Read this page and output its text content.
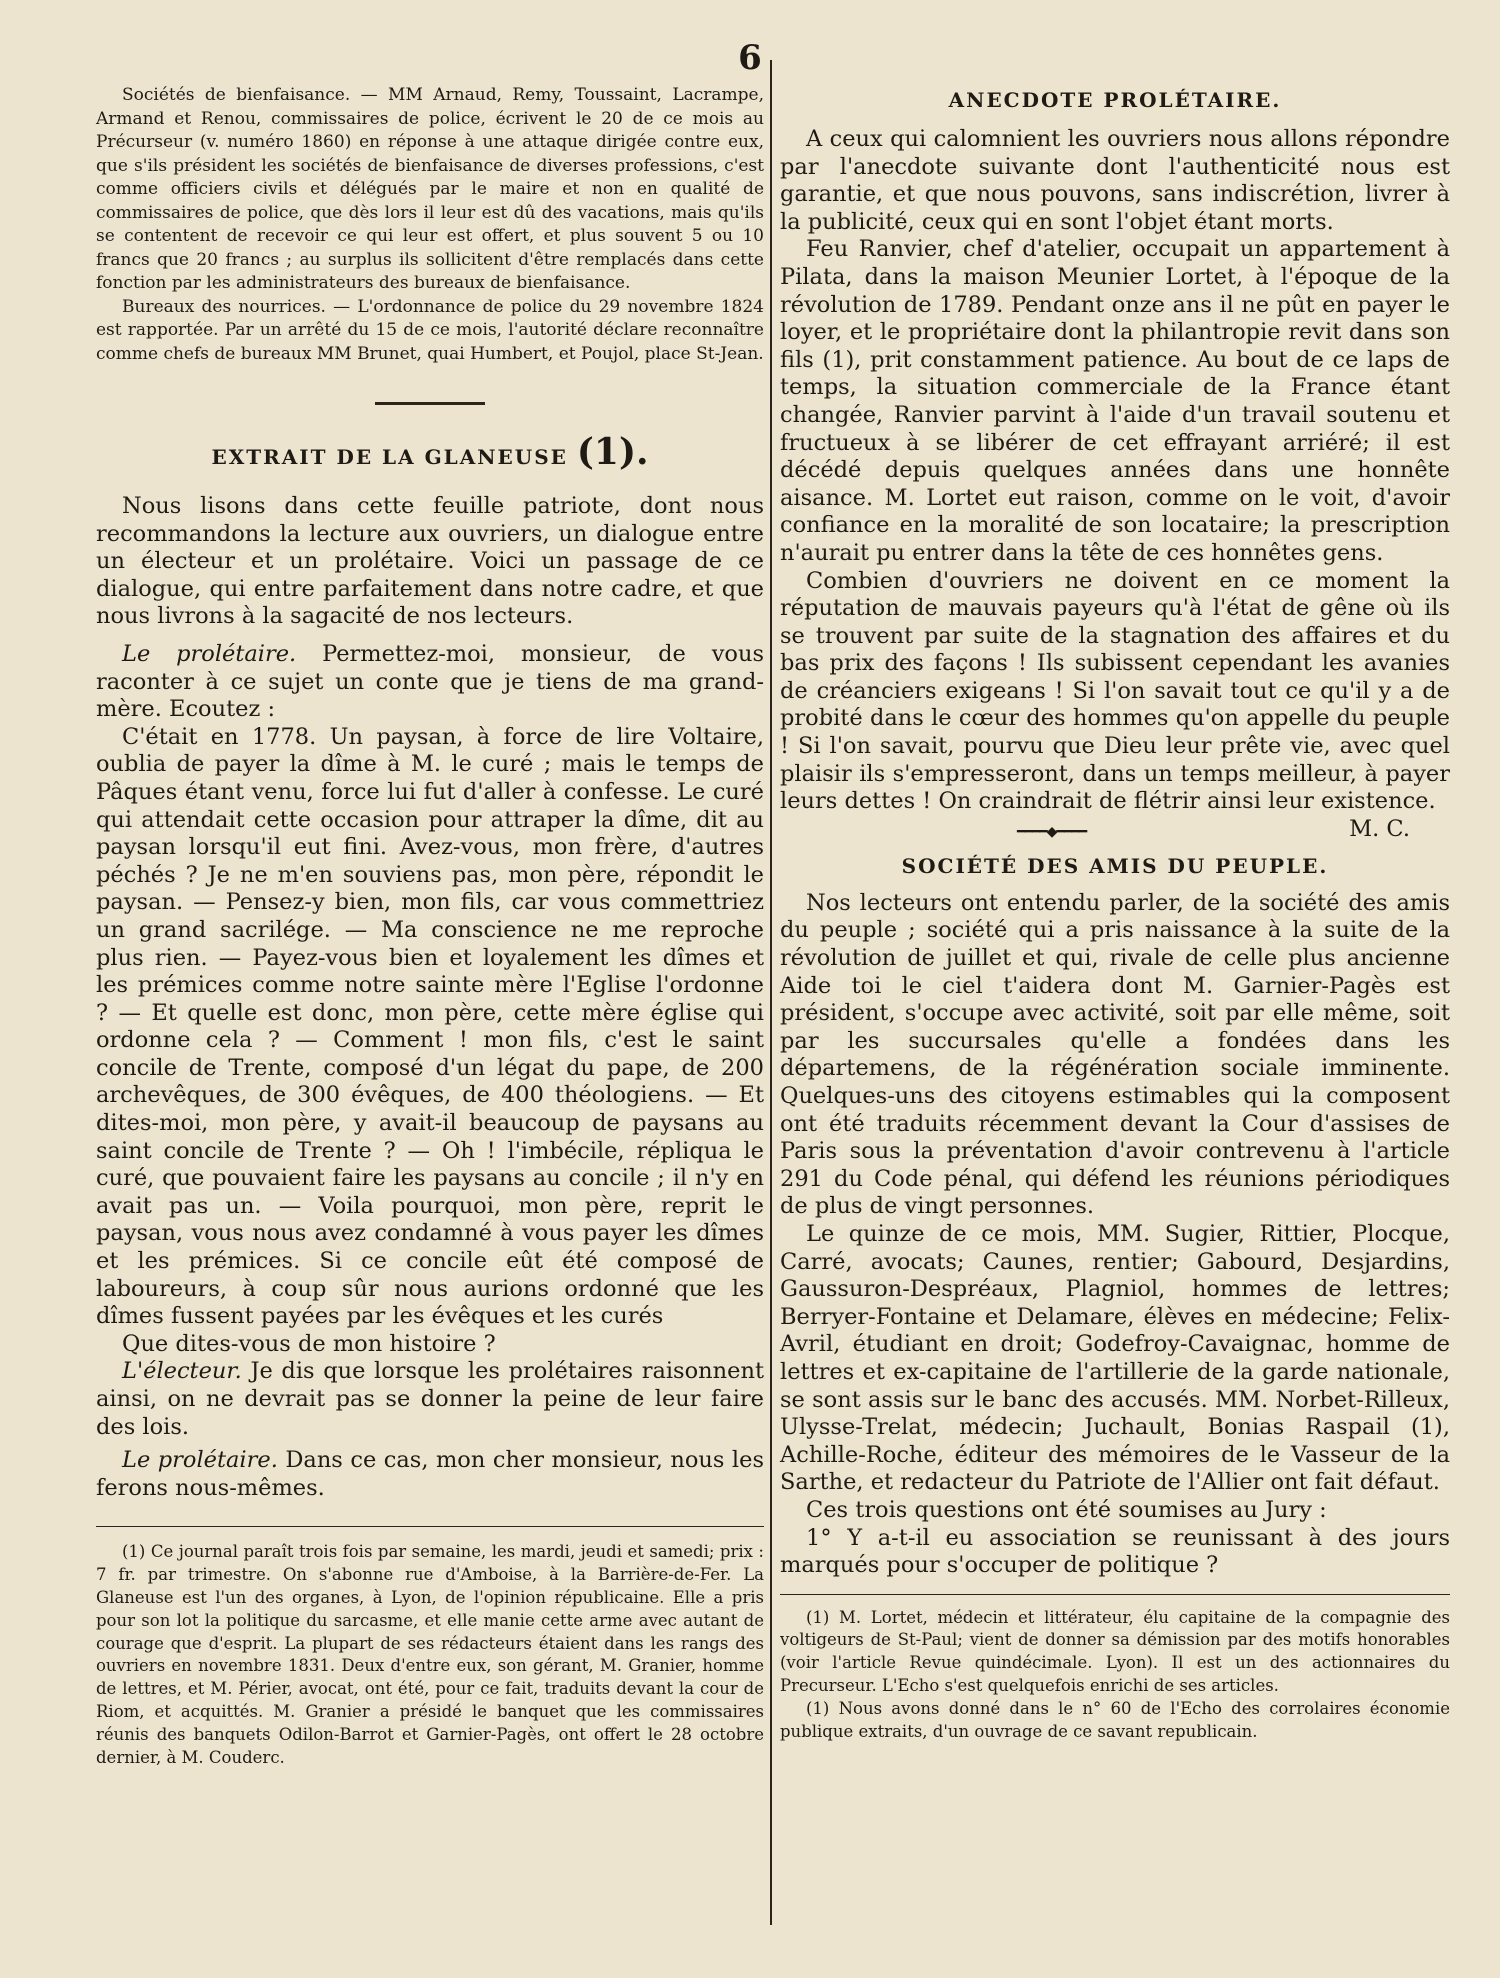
6

Sociétés de bienfaisance. — MM Arnaud, Remy, Toussaint, Lacrampe, Armand et Renou, commissaires de police, écrivent le 20 de ce mois au Précurseur (v. numéro 1860) en réponse à une attaque dirigée contre eux, que s'ils président les sociétés de bienfaisance de diverses professions, c'est comme officiers civils et délégués par le maire et non en qualité de commissaires de police, que dès lors il leur est dû des vacations, mais qu'ils se contentent de recevoir ce qui leur est offert, et plus souvent 5 ou 10 francs que 20 francs ; au surplus ils sollicitent d'être remplacés dans cette fonction par les administrateurs des bureaux de bienfaisance.

Bureaux des nourrices. — L'ordonnance de police du 29 novembre 1824 est rapportée. Par un arrêté du 15 de ce mois, l'autorité déclare reconnaître comme chefs de bureaux MM Brunet, quai Humbert, et Poujol, place St-Jean.

EXTRAIT DE LA GLANEUSE (1).

Nous lisons dans cette feuille patriote, dont nous recommandons la lecture aux ouvriers, un dialogue entre un électeur et un prolétaire. Voici un passage de ce dialogue, qui entre parfaitement dans notre cadre, et que nous livrons à la sagacité de nos lecteurs.

Le prolétaire. Permettez-moi, monsieur, de vous raconter à ce sujet un conte que je tiens de ma grand-mère. Ecoutez :

C'était en 1778. Un paysan, à force de lire Voltaire, oublia de payer la dîme à M. le curé ; mais le temps de Pâques étant venu, force lui fut d'aller à confesse. Le curé qui attendait cette occasion pour attraper la dîme, dit au paysan lorsqu'il eut fini. Avez-vous, mon frère, d'autres péchés ? Je ne m'en souviens pas, mon père, répondit le paysan. — Pensez-y bien, mon fils, car vous commettriez un grand sacrilége. — Ma conscience ne me reproche plus rien. — Payez-vous bien et loyalement les dîmes et les prémices comme notre sainte mère l'Eglise l'ordonne ? — Et quelle est donc, mon père, cette mère église qui ordonne cela ? — Comment ! mon fils, c'est le saint concile de Trente, composé d'un légat du pape, de 200 archevêques, de 300 évêques, de 400 théologiens. — Et dites-moi, mon père, y avait-il beaucoup de paysans au saint concile de Trente ? — Oh ! l'imbécile, répliqua le curé, que pouvaient faire les paysans au concile ; il n'y en avait pas un. — Voila pourquoi, mon père, reprit le paysan, vous nous avez condamné à vous payer les dîmes et les prémices. Si ce concile eût été composé de laboureurs, à coup sûr nous aurions ordonné que les dîmes fussent payées par les évêques et les curés

Que dites-vous de mon histoire ?

L'électeur. Je dis que lorsque les prolétaires raisonnent ainsi, on ne devrait pas se donner la peine de leur faire des lois.

Le prolétaire. Dans ce cas, mon cher monsieur, nous les ferons nous-mêmes.

(1) Ce journal paraît trois fois par semaine, les mardi, jeudi et samedi; prix : 7 fr. par trimestre. On s'abonne rue d'Amboise, à la Barrière-de-Fer. La Glaneuse est l'un des organes, à Lyon, de l'opinion républicaine. Elle a pris pour son lot la politique du sarcasme, et elle manie cette arme avec autant de courage que d'esprit. La plupart de ses rédacteurs étaient dans les rangs des ouvriers en novembre 1831. Deux d'entre eux, son gérant, M. Granier, homme de lettres, et M. Périer, avocat, ont été, pour ce fait, traduits devant la cour de Riom, et acquittés. M. Granier a présidé le banquet que les commissaires réunis des banquets Odilon-Barrot et Garnier-Pagès, ont offert le 28 octobre dernier, à M. Couderc.

ANECDOTE PROLÉTAIRE.

A ceux qui calomnient les ouvriers nous allons répondre par l'anecdote suivante dont l'authenticité nous est garantie, et que nous pouvons, sans indiscrétion, livrer à la publicité, ceux qui en sont l'objet étant morts.

Feu Ranvier, chef d'atelier, occupait un appartement à Pilata, dans la maison Meunier Lortet, à l'époque de la révolution de 1789. Pendant onze ans il ne pût en payer le loyer, et le propriétaire dont la philantropie revit dans son fils (1), prit constamment patience. Au bout de ce laps de temps, la situation commerciale de la France étant changée, Ranvier parvint à l'aide d'un travail soutenu et fructueux à se libérer de cet effrayant arriéré; il est décédé depuis quelques années dans une honnête aisance. M. Lortet eut raison, comme on le voit, d'avoir confiance en la moralité de son locataire; la prescription n'aurait pu entrer dans la tête de ces honnêtes gens.

Combien d'ouvriers ne doivent en ce moment la réputation de mauvais payeurs qu'à l'état de gêne où ils se trouvent par suite de la stagnation des affaires et du bas prix des façons ! Ils subissent cependant les avanies de créanciers exigeans ! Si l'on savait tout ce qu'il y a de probité dans le cœur des hommes qu'on appelle du peuple ! Si l'on savait, pourvu que Dieu leur prête vie, avec quel plaisir ils s'empresseront, dans un temps meilleur, à payer leurs dettes ! On craindrait de flétrir ainsi leur existence.
M. C.

━━━━◆━━━━
SOCIÉTÉ DES AMIS DU PEUPLE.

Nos lecteurs ont entendu parler, de la société des amis du peuple ; société qui a pris naissance à la suite de la révolution de juillet et qui, rivale de celle plus ancienne Aide toi le ciel t'aidera dont M. Garnier-Pagès est président, s'occupe avec activité, soit par elle même, soit par les succursales qu'elle a fondées dans les départemens, de la régénération sociale imminente. Quelques-uns des citoyens estimables qui la composent ont été traduits récemment devant la Cour d'assises de Paris sous la préventation d'avoir contrevenu à l'article 291 du Code pénal, qui défend les réunions périodiques de plus de vingt personnes.

Le quinze de ce mois, MM. Sugier, Rittier, Plocque, Carré, avocats; Caunes, rentier; Gabourd, Desjardins, Gaussuron-Despréaux, Plagniol, hommes de lettres; Berryer-Fontaine et Delamare, élèves en médecine; Felix-Avril, étudiant en droit; Godefroy-Cavaignac, homme de lettres et ex-capitaine de l'artillerie de la garde nationale, se sont assis sur le banc des accusés. MM. Norbet-Rilleux, Ulysse-Trelat, médecin; Juchault, Bonias Raspail (1), Achille-Roche, éditeur des mémoires de le Vasseur de la Sarthe, et redacteur du Patriote de l'Allier ont fait défaut.

Ces trois questions ont été soumises au Jury :

1° Y a-t-il eu association se reunissant à des jours marqués pour s'occuper de politique ?

(1) M. Lortet, médecin et littérateur, élu capitaine de la compagnie des voltigeurs de St-Paul; vient de donner sa démission par des motifs honorables (voir l'article Revue quindécimale. Lyon). Il est un des actionnaires du Precurseur. L'Echo s'est quelquefois enrichi de ses articles.

(1) Nous avons donné dans le n° 60 de l'Echo des corrolaires économie publique extraits, d'un ouvrage de ce savant republicain.
